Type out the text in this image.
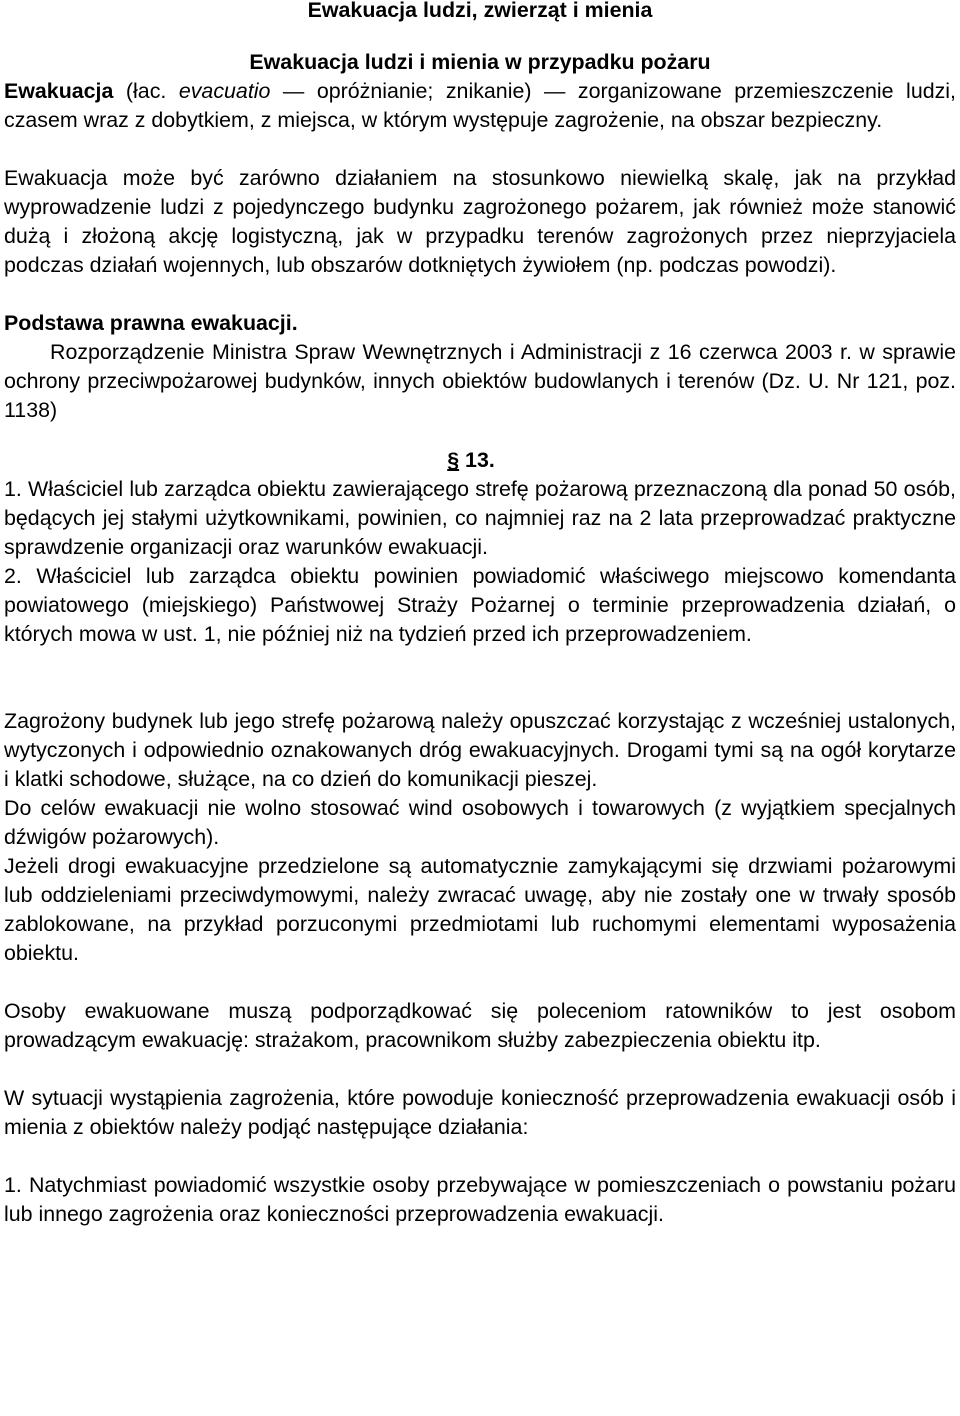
Ewakuacja ludzi, zwierząt i mienia

Ewakuacja ludzi i mienia w przypadku pożaru

Ewakuacja (łac. evacuatio — opróżnianie; znikanie) — zorganizowane przemieszczenie ludzi, czasem wraz z dobytkiem, z miejsca, w którym występuje zagrożenie, na obszar bezpieczny.

Ewakuacja może być zarówno działaniem na stosunkowo niewielką skalę, jak na przykład wyprowadzenie ludzi z pojedynczego budynku zagrożonego pożarem, jak również może stanowić dużą i złożoną akcję logistyczną, jak w przypadku terenów zagrożonych przez nieprzyjaciela podczas działań wojennych, lub obszarów dotkniętych żywiołem (np. podczas powodzi).

Podstawa prawna ewakuacji.

Rozporządzenie Ministra Spraw Wewnętrznych i Administracji z 16 czerwca 2003 r. w sprawie ochrony przeciwpożarowej budynków, innych obiektów budowlanych i terenów (Dz. U. Nr 121, poz. 1138)

§ 13.

1. Właściciel lub zarządca obiektu zawierającego strefę pożarową przeznaczoną dla ponad 50 osób, będących jej stałymi użytkownikami, powinien, co najmniej raz na 2 lata przeprowadzać praktyczne sprawdzenie organizacji oraz warunków ewakuacji.

2. Właściciel lub zarządca obiektu powinien powiadomić właściwego miejscowo komendanta powiatowego (miejskiego) Państwowej Straży Pożarnej o terminie przeprowadzenia działań, o których mowa w ust. 1, nie później niż na tydzień przed ich przeprowadzeniem.

Zagrożony budynek lub jego strefę pożarową należy opuszczać korzystając z wcześniej ustalonych, wytyczonych i odpowiednio oznakowanych dróg ewakuacyjnych. Drogami tymi są na ogół korytarze i klatki schodowe, służące, na co dzień do komunikacji pieszej.

Do celów ewakuacji nie wolno stosować wind osobowych i towarowych (z wyjątkiem specjalnych dźwigów pożarowych).

Jeżeli drogi ewakuacyjne przedzielone są automatycznie zamykającymi się drzwiami pożarowymi lub oddzieleniami przeciwdymowymi, należy zwracać uwagę, aby nie zostały one w trwały sposób zablokowane, na przykład porzuconymi przedmiotami lub ruchomymi elementami wyposażenia obiektu.

Osoby ewakuowane muszą podporządkować się poleceniom ratowników to jest osobom prowadzącym ewakuację: strażakom, pracownikom służby zabezpieczenia obiektu itp.

W sytuacji wystąpienia zagrożenia, które powoduje konieczność przeprowadzenia ewakuacji osób i mienia z obiektów należy podjąć następujące działania:

1. Natychmiast powiadomić wszystkie osoby przebywające w pomieszczeniach o powstaniu pożaru lub innego zagrożenia oraz konieczności przeprowadzenia ewakuacji.
